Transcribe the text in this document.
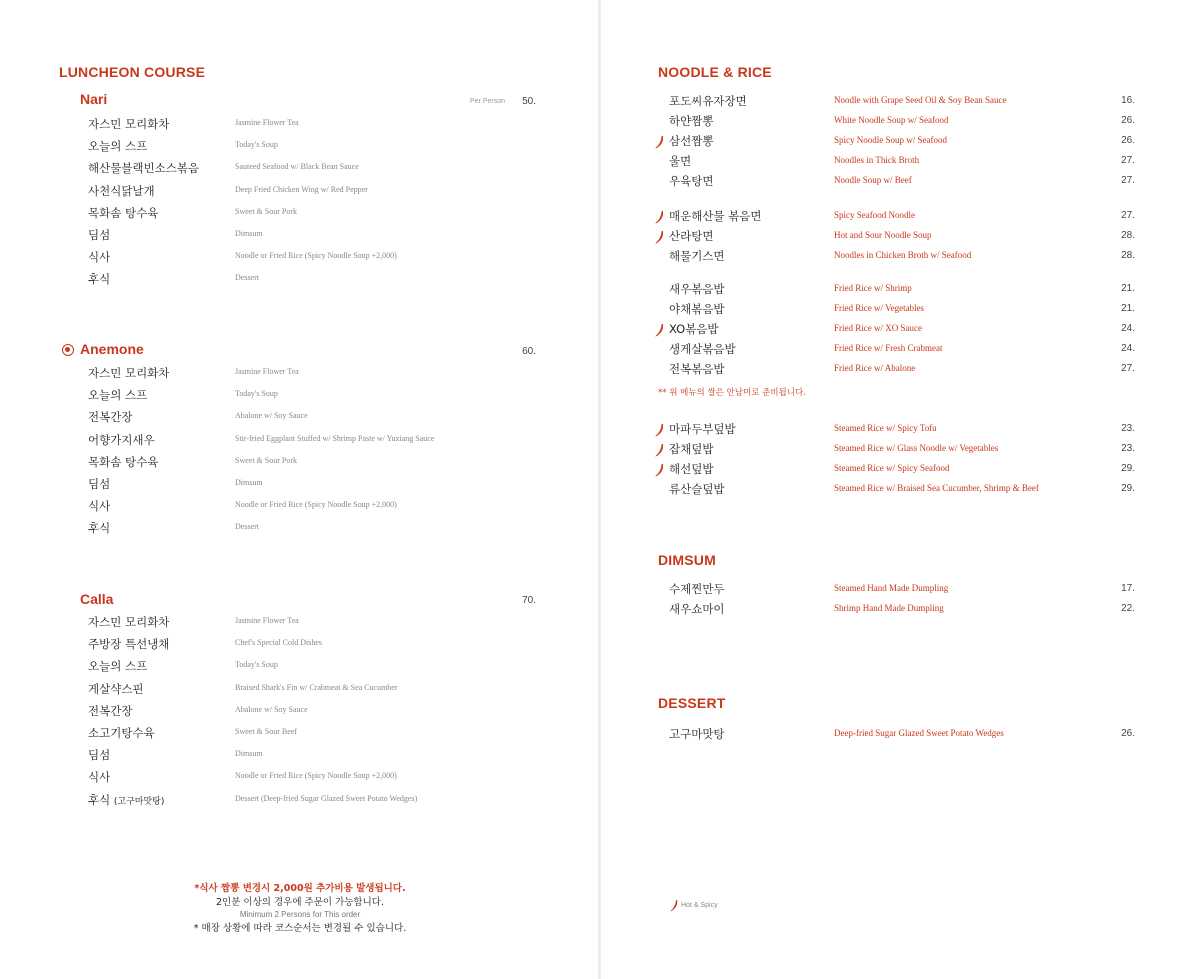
LUNCHEON COURSE
Nari	Per Person	50.
자스민 모리화차	Jasmine Flower Tea
오늘의 스프	Today's Soup
해산물블랙빈소스볶음	Sauteed Seafood w/ Black Bean Sauce
사천식닭날개	Deep Fried Chicken Wing w/ Red Pepper
목화솜 탕수육	Sweet & Sour Pork
딤섬	Dimsum
식사	Noodle or Fried Rice (Spicy Noodle Soup +2,000)
후식	Dessert
Anemone	60.
자스민 모리화차	Jasmine Flower Tea
오늘의 스프	Today's Soup
전복간장	Abalone w/ Soy Sauce
어향가지새우	Stir-fried Eggplant Stuffed w/ Shrimp Paste w/ Yuxiang Sauce
목화솜 탕수육	Sweet & Sour Pork
딤섬	Dimsum
식사	Noodle or Fried Rice (Spicy Noodle Soup +2,000)
후식	Dessert
Calla	70.
자스민 모리화차	Jasmine Flower Tea
주방장 특선냉채	Chef's Special Cold Dishes
오늘의 스프	Today's Soup
게살샥스핀	Braised Shark's Fin w/ Crabmeat & Sea Cucumber
전복간장	Abalone w/ Soy Sauce
소고기탕수육	Sweet & Sour Beef
딤섬	Dimsum
식사	Noodle or Fried Rice (Spicy Noodle Soup +2,000)
후식 (고구마맛탕)	Dessert (Deep-fried Sugar Glazed Sweet Potato Wedges)
*식사 짬뽕 변경시 2,000원 추가비용 발생됩니다.
2인분 이상의 경우에 주문이 가능합니다.
Minimum 2 Persons for This order
* 매장 상황에 따라 코스순서는 변경될 수 있습니다.
NOODLE & RICE
포도씨유자장면	Noodle with Grape Seed Oil & Soy Bean Sauce	16.
하얀짬뽕	White Noodle Soup w/ Seafood	26.
삼선짬뽕	Spicy Noodle Soup w/ Seafood	26.
울면	Noodles in Thick Broth	27.
우육탕면	Noodle Soup w/ Beef	27.
매운해산물 볶음면	Spicy Seafood Noodle	27.
산라탕면	Hot and Sour Noodle Soup	28.
해물기스면	Noodles in Chicken Broth w/ Seafood	28.
새우볶음밥	Fried Rice w/ Shrimp	21.
야채볶음밥	Fried Rice w/ Vegetables	21.
XO볶음밥	Fried Rice w/ XO Sauce	24.
생게살볶음밥	Fried Rice w/ Fresh Crabmeat	24.
전복볶음밥	Fried Rice w/ Abalone	27.
** 위 메뉴의 쌀은 안남미로 준비됩니다.
마파두부덮밥	Steamed Rice w/ Spicy Tofu	23.
잡채덮밥	Steamed Rice w/ Glass Noodle w/ Vegetables	23.
해선덮밥	Steamed Rice w/ Spicy Seafood	29.
류산슬덮밥	Steamed Rice w/ Braised Sea Cucumber, Shrimp & Beef	29.
DIMSUM
수제찐만두	Steamed Hand Made Dumpling	17.
새우쇼마이	Shrimp Hand Made Dumpling	22.
DESSERT
고구마맛탕	Deep-fried Sugar Glazed Sweet Potato Wedges	26.
Hot & Spicy
